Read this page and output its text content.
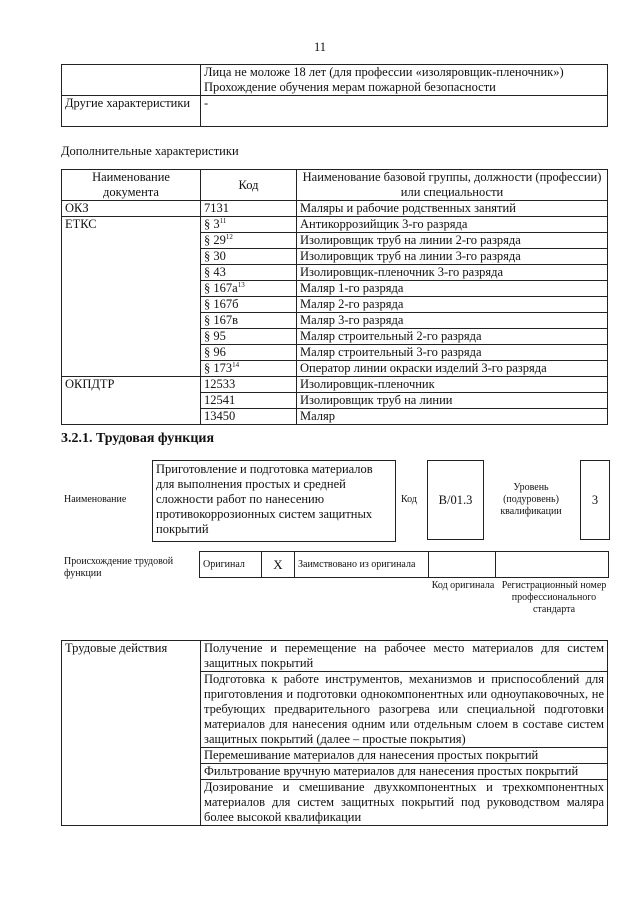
11

	Лица не моложе 18 лет (для профессии «изоляровщик-пленочник»)
Прохождение обучения мерам пожарной безопасности

Другие характеристики	-
Дополнительные характеристики
Наименование документа	Код	Наименование базовой группы, должности (профессии) или специальности
ОКЗ	7131	Маляры и рабочие родственных занятий
ЕТКС	§ $3^{11}$	Антикоррозийщик 3-го разряда
	§ $29^{12}$	Изолировщик труб на линии 2-го разряда
	§ 30	Изолировщик труб на линии 3-го разряда
	§ 43	Изолировщик-пленочник 3-го разряда
	§ $167а^{13}$	Маляр 1-го разряда
	§ 167б	Маляр 2-го разряда
	§ 167в	Маляр 3-го разряда
	§ 95	Маляр строительный 2-го разряда
	§ 96	Маляр строительный 3-го разряда
	§ $173^{14}$	Оператор линии окраски изделий 3-го разряда
ОКПДТР	12533	Изолировщик-пленочник
	12541	Изолировщик труб на линии
	13450	Маляр
3.2.1. Трудовая функция
Наименование
Приготовление и подготовка материалов для выполнения простых и средней сложности работ по нанесению противокоррозионных систем защитных покрытий
Код	B/01.3
Уровень (подуровень) квалификации
3
Происхождение трудовой функции
Оригинал	X	Заимствовано из оригинала		
Код оригинала Регистрационный номер профессионального стандарта
Трудовые действия	Получение и перемещение на рабочее место материалов для систем защитных покрытий
Подготовка к работе инструментов, механизмов и приспособлений для приготовления и подготовки однокомпонентных или одноупаковочных, не требующих предварительного разогрева или специальной подготовки материалов для нанесения одним или отдельным слоем в составе систем защитных покрытий (далее – простые покрытия)
Перемешивание материалов для нанесения простых покрытий
Фильтрование вручную материалов для нанесения простых покрытий
Дозирование и смешивание двухкомпонентных и трехкомпонентных материалов для систем защитных покрытий под руководством маляра более высокой квалификации
